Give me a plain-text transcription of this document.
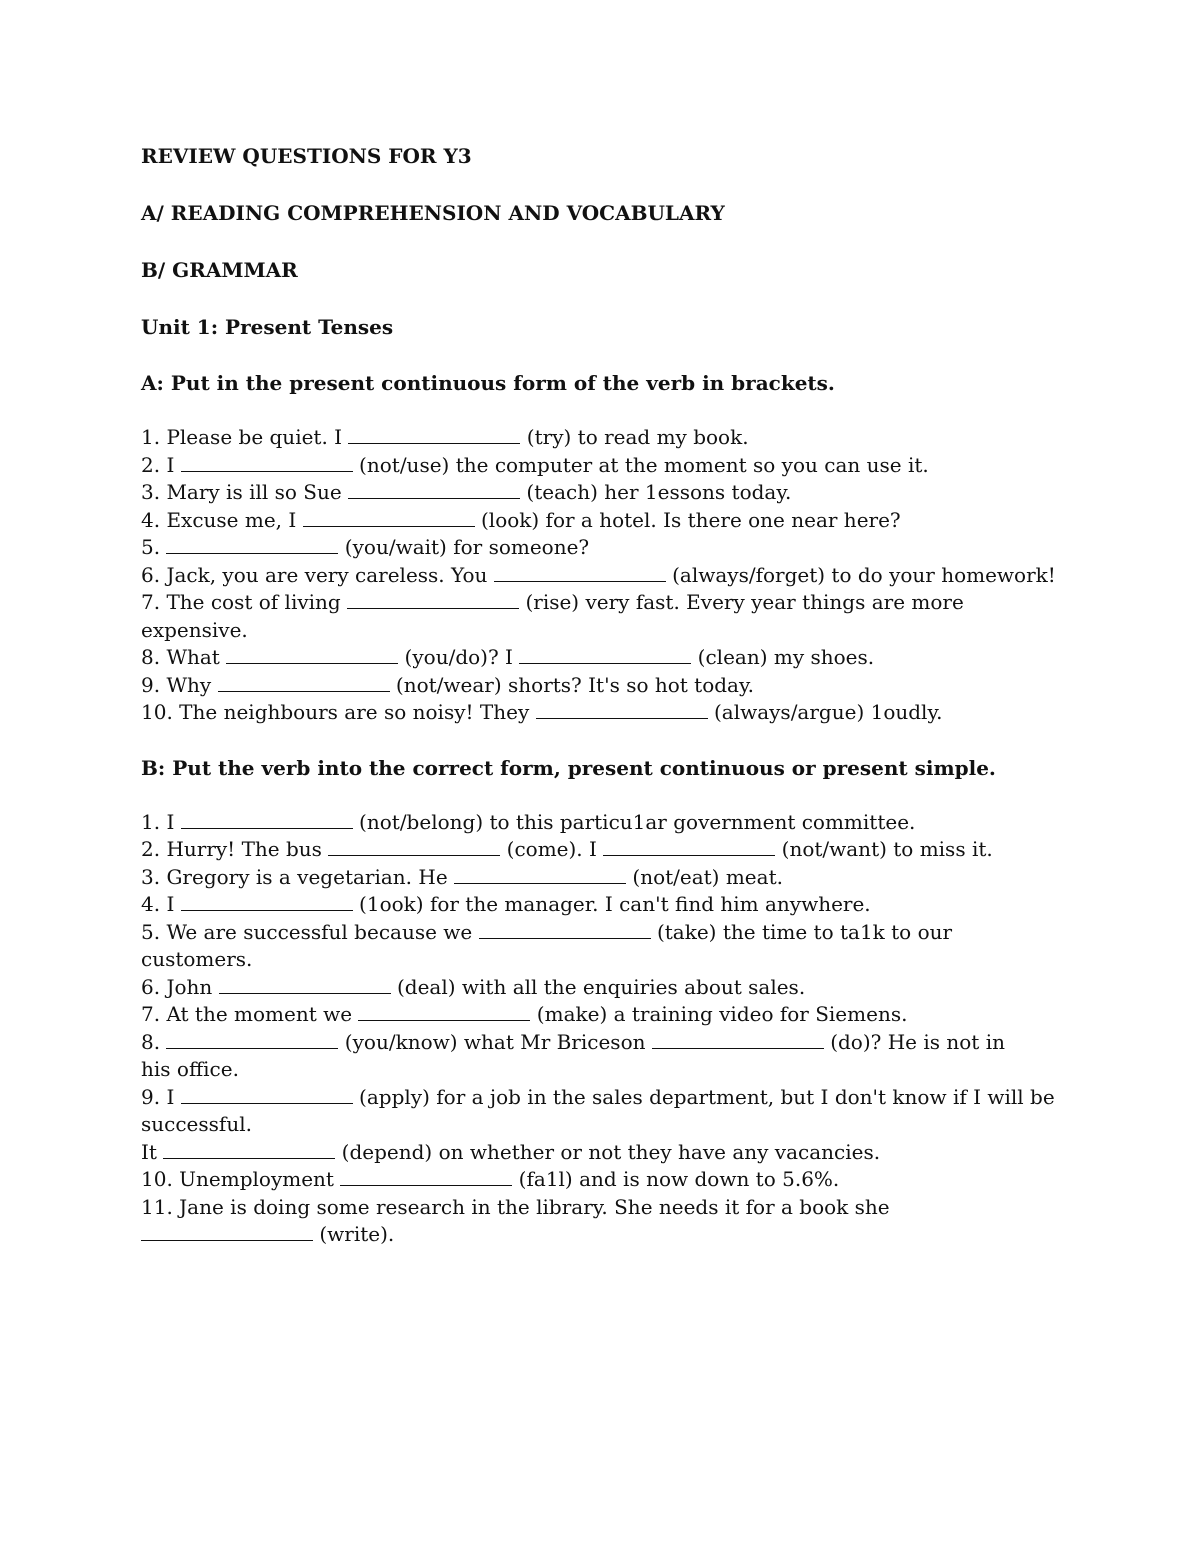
REVIEW QUESTIONS FOR Y3

A/ READING COMPREHENSION AND VOCABULARY

B/ GRAMMAR

Unit 1: Present Tenses

A: Put in the present continuous form of the verb in brackets.

1. Please be quiet. I	(try) to read my book.
2. I	(not/use) the computer at the moment so you can use it.
3. Mary is ill so Sue	(teach) her 1essons today.
4. Excuse me, I	(look) for a hotel. Is there one near here?
5.	(you/wait) for someone?
6. Jack, you are very careless. You	(always/forget) to do your homework!
7. The cost of living	(rise) very fast. Every year things are more expensive.
8. What	(you/do)? I	(clean) my shoes.
9. Why	(not/wear) shorts? It's so hot today.
10. The neighbours are so noisy! They	(always/argue) 1oudly.

B: Put the verb into the correct form, present continuous or present simple.

1. I	(not/belong) to this particu1ar government committee.
2. Hurry! The bus	(come). I	(not/want) to miss it.
3. Gregory is a vegetarian. He	(not/eat) meat.
4. I	(1ook) for the manager. I can't find him anywhere.
5. We are successful because we	(take) the time to ta1k to our customers.
6. John	(deal) with all the enquiries about sales.
7. At the moment we	(make) a training video for Siemens.
8.	(you/know) what Mr Briceson	(do)? He is not in
his office.
9. I	(apply) for a job in the sales department, but I don't know if I will be
successful.
It	(depend) on whether or not they have any vacancies.
10. Unemployment	(fa1l) and is now down to 5.6%.
11. Jane is doing some research in the library. She needs it for a book she  (write).
